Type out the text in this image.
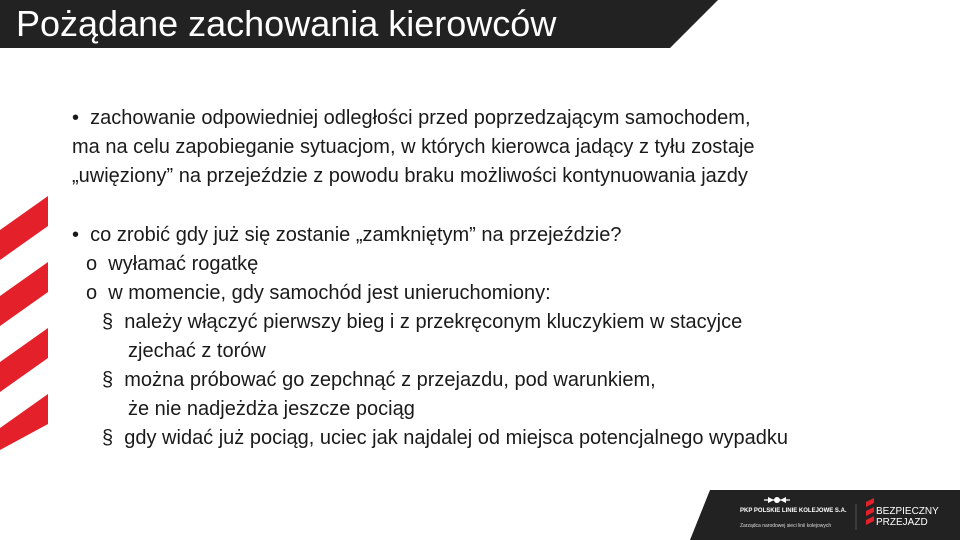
Pożądane zachowania kierowców
• zachowanie odpowiedniej odległości przed poprzedzającym samochodem,
ma na celu zapobieganie sytuacjom, w których kierowca jadący z tyłu zostaje
„uwięziony” na przejeździe z powodu braku możliwości kontynuowania jazdy
• co zrobić gdy już się zostanie „zamkniętym” na przejeździe?
o wyłamać rogatkę
o w momencie, gdy samochód jest unieruchomiony:
§ należy włączyć pierwszy bieg i z przekręconym kluczykiem w stacyjce
zjechać z torów
§ można próbować go zepchnąć z przejazdu, pod warunkiem,
że nie nadjeżdża jeszcze pociąg
§ gdy widać już pociąg, uciec jak najdalej od miejsca potencjalnego wypadku
PKP POLSKIE LINIE KOLEJOWE S.A.
Zarządca narodowej sieci linii kolejowych
BEZPIECZNY
PRZEJAZD
